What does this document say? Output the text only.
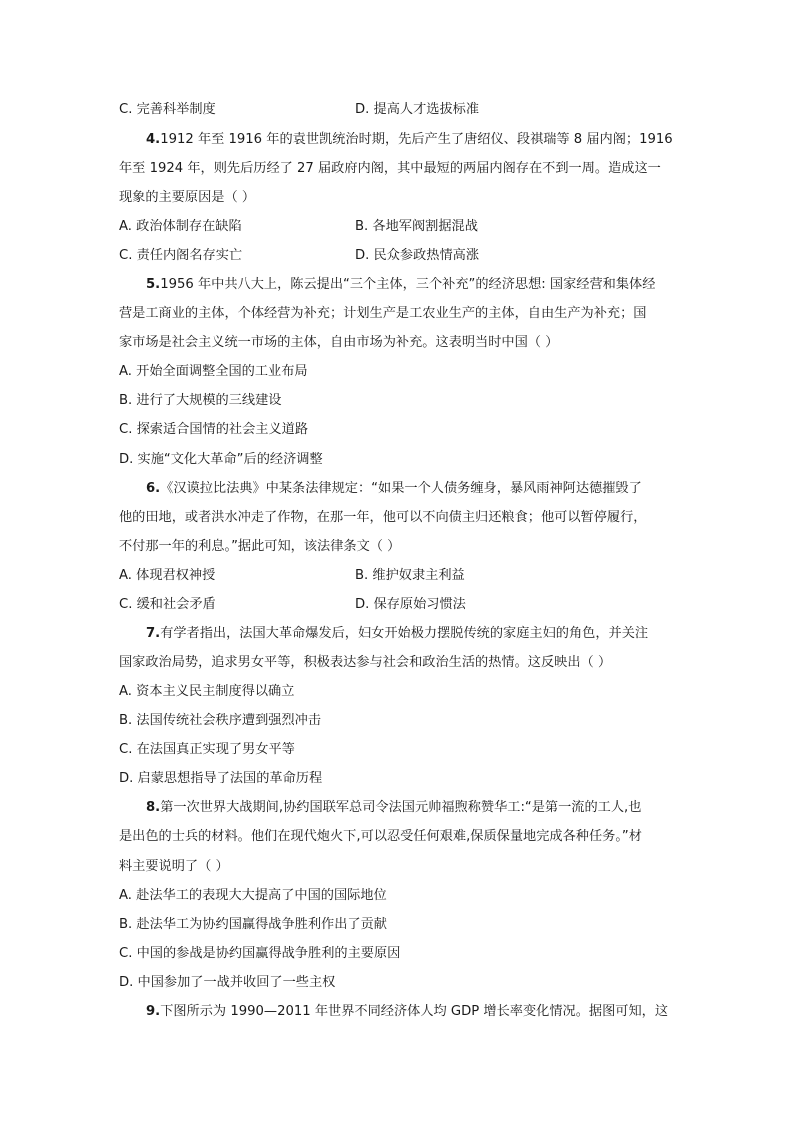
C. 完善科举制度	D. 提高人才选拔标准
4.1912 年至 1916 年的袁世凯统治时期，先后产生了唐绍仪、段祺瑞等 8 届内阁；1916
年至 1924 年，则先后历经了 27 届政府内阁，其中最短的两届内阁存在不到一周。造成这一
现象的主要原因是（ ）
A. 政治体制存在缺陷	B. 各地军阀割据混战
C. 责任内阁名存实亡	D. 民众参政热情高涨
5.1956 年中共八大上，陈云提出“三个主体，三个补充”的经济思想: 国家经营和集体经
营是工商业的主体，个体经营为补充；计划生产是工农业生产的主体，自由生产为补充；国
家市场是社会主义统一市场的主体，自由市场为补充。这表明当时中国（ ）
A. 开始全面调整全国的工业布局
B. 进行了大规模的三线建设
C. 探索适合国情的社会主义道路
D. 实施“文化大革命”后的经济调整
6.《汉谟拉比法典》中某条法律规定：“如果一个人债务缠身，暴风雨神阿达德摧毁了
他的田地，或者洪水冲走了作物，在那一年，他可以不向债主归还粮食；他可以暂停履行，
不付那一年的利息。”据此可知，该法律条文（ ）
A. 体现君权神授	B. 维护奴隶主利益
C. 缓和社会矛盾	D. 保存原始习惯法
7.有学者指出，法国大革命爆发后，妇女开始极力摆脱传统的家庭主妇的角色，并关注
国家政治局势，追求男女平等，积极表达参与社会和政治生活的热情。这反映出（ ）
A. 资本主义民主制度得以确立
B. 法国传统社会秩序遭到强烈冲击
C. 在法国真正实现了男女平等
D. 启蒙思想指导了法国的革命历程
8.第一次世界大战期间,协约国联军总司令法国元帅福煦称赞华工:“是第一流的工人,也
是出色的士兵的材料。他们在现代炮火下,可以忍受任何艰难,保质保量地完成各种任务。”材
料主要说明了（ ）
A. 赴法华工的表现大大提高了中国的国际地位
B. 赴法华工为协约国赢得战争胜利作出了贡献
C. 中国的参战是协约国赢得战争胜利的主要原因
D. 中国参加了一战并收回了一些主权
9.下图所示为 1990—2011 年世界不同经济体人均 GDP 增长率变化情况。据图可知，这
